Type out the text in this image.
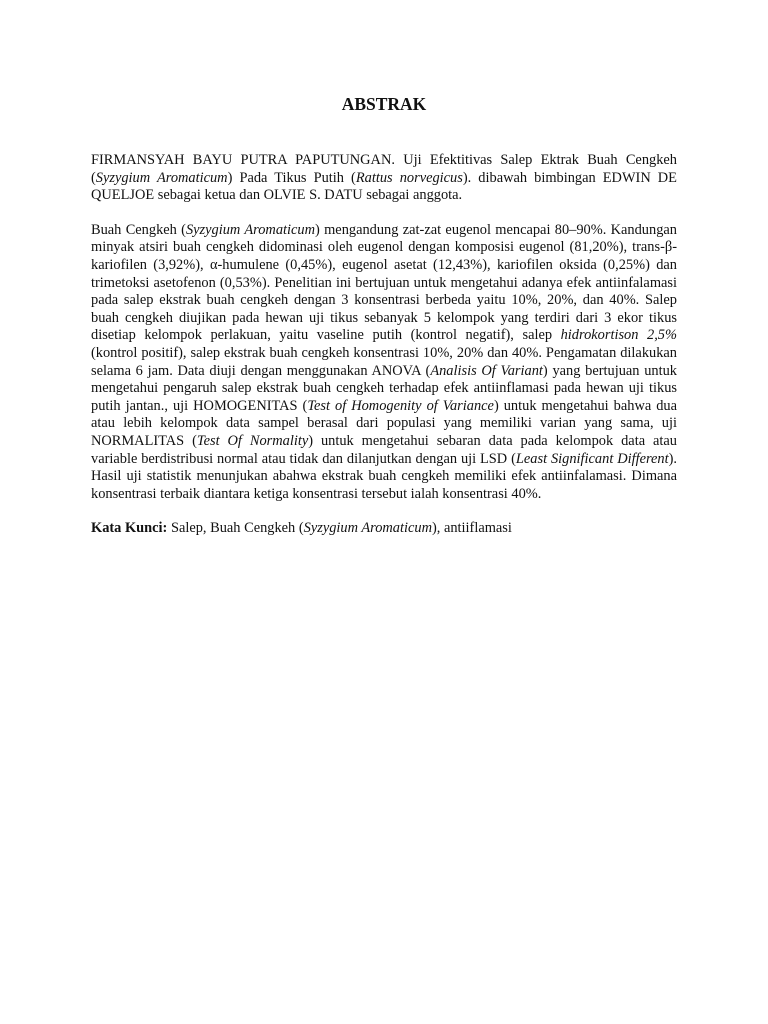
ABSTRAK

FIRMANSYAH BAYU PUTRA PAPUTUNGAN. Uji Efektitivas Salep Ektrak Buah Cengkeh (Syzygium Aromaticum) Pada Tikus Putih (Rattus norvegicus). dibawah bimbingan EDWIN DE QUELJOE sebagai ketua dan OLVIE S. DATU sebagai anggota.

Buah Cengkeh (Syzygium Aromaticum) mengandung zat-zat eugenol mencapai 80–90%. Kandungan minyak atsiri buah cengkeh didominasi oleh eugenol dengan komposisi eugenol (81,20%), trans-β-kariofilen (3,92%), α-humulene (0,45%), eugenol asetat (12,43%), kariofilen oksida (0,25%) dan trimetoksi asetofenon (0,53%). Penelitian ini bertujuan untuk mengetahui adanya efek antiinfalamasi pada salep ekstrak buah cengkeh dengan 3 konsentrasi berbeda yaitu 10%, 20%, dan 40%. Salep buah cengkeh diujikan pada hewan uji tikus sebanyak 5 kelompok yang terdiri dari 3 ekor tikus disetiap kelompok perlakuan, yaitu vaseline putih (kontrol negatif), salep hidrokortison 2,5% (kontrol positif), salep ekstrak buah cengkeh konsentrasi 10%, 20% dan 40%. Pengamatan dilakukan selama 6 jam. Data diuji dengan menggunakan ANOVA (Analisis Of Variant) yang bertujuan untuk mengetahui pengaruh salep ekstrak buah cengkeh terhadap efek antiinflamasi pada hewan uji tikus putih jantan., uji HOMOGENITAS (Test of Homogenity of Variance) untuk mengetahui bahwa dua atau lebih kelompok data sampel berasal dari populasi yang memiliki varian yang sama, uji NORMALITAS (Test Of Normality) untuk mengetahui sebaran data pada kelompok data atau variable berdistribusi normal atau tidak dan dilanjutkan dengan uji LSD (Least Significant Different). Hasil uji statistik menunjukan abahwa ekstrak buah cengkeh memiliki efek antiinfalamasi. Dimana konsentrasi terbaik diantara ketiga konsentrasi tersebut ialah konsentrasi 40%.

Kata Kunci: Salep, Buah Cengkeh (Syzygium Aromaticum), antiiflamasi
